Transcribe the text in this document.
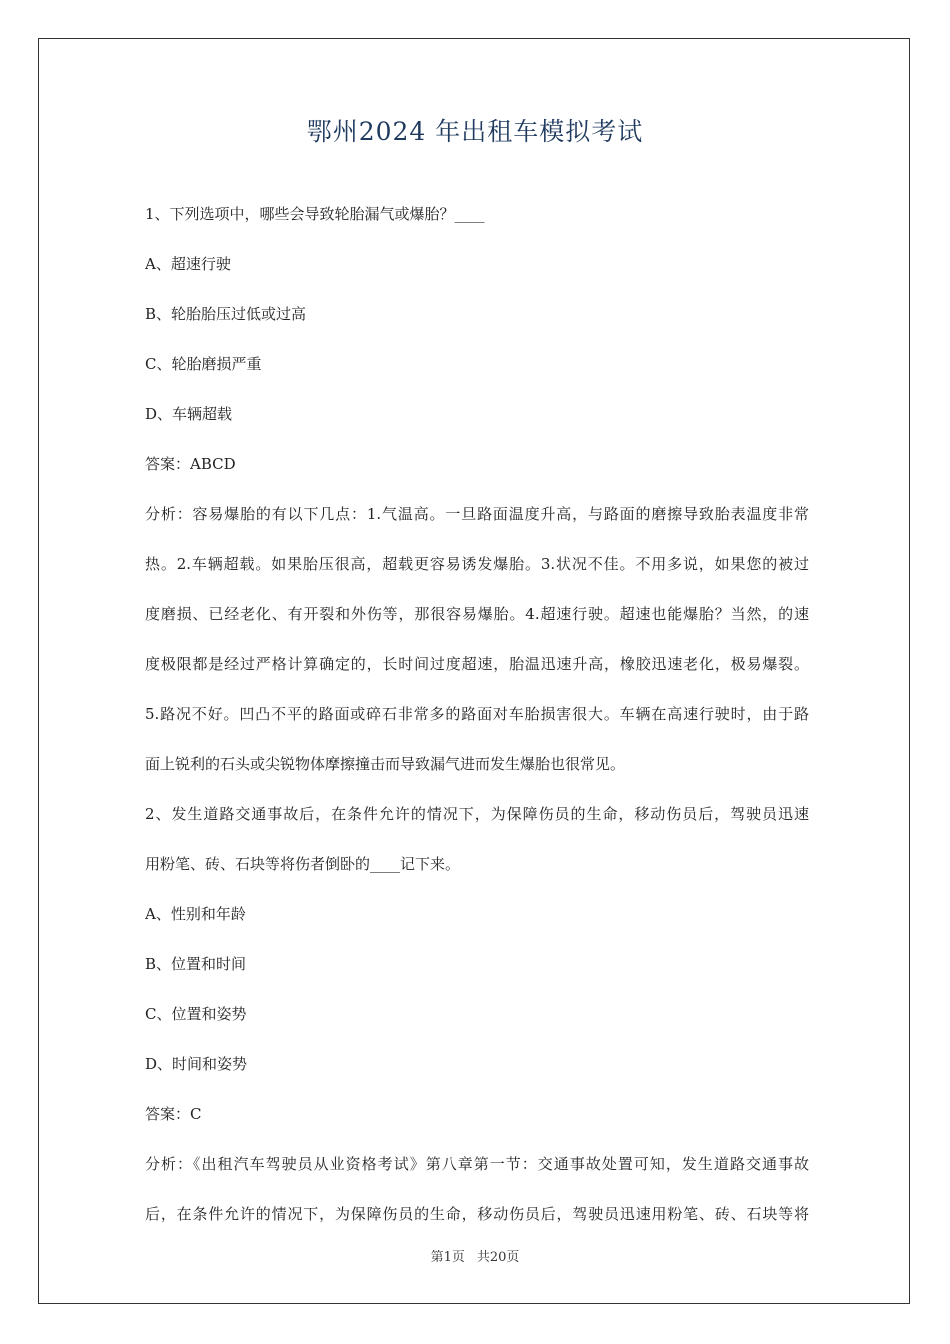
鄂州2024 年出租车模拟考试
1、下列选项中，哪些会导致轮胎漏气或爆胎？____
A、超速行驶
B、轮胎胎压过低或过高
C、轮胎磨损严重
D、车辆超载
答案：ABCD
分析：容易爆胎的有以下几点：1.气温高。一旦路面温度升高，与路面的磨擦导致胎表温度非常
热。2.车辆超载。如果胎压很高，超载更容易诱发爆胎。3.状况不佳。不用多说，如果您的被过
度磨损、已经老化、有开裂和外伤等，那很容易爆胎。4.超速行驶。超速也能爆胎？当然，的速
度极限都是经过严格计算确定的，长时间过度超速，胎温迅速升高，橡胶迅速老化，极易爆裂。
5.路况不好。凹凸不平的路面或碎石非常多的路面对车胎损害很大。车辆在高速行驶时，由于路
面上锐利的石头或尖锐物体摩擦撞击而导致漏气进而发生爆胎也很常见。
2、发生道路交通事故后，在条件允许的情况下，为保障伤员的生命，移动伤员后，驾驶员迅速
用粉笔、砖、石块等将伤者倒卧的____记下来。
A、性别和年龄
B、位置和时间
C、位置和姿势
D、时间和姿势
答案：C
分析：《出租汽车驾驶员从业资格考试》第八章第一节：交通事故处置可知，发生道路交通事故
后，在条件允许的情况下，为保障伤员的生命，移动伤员后，驾驶员迅速用粉笔、砖、石块等将
第1页 共20页
